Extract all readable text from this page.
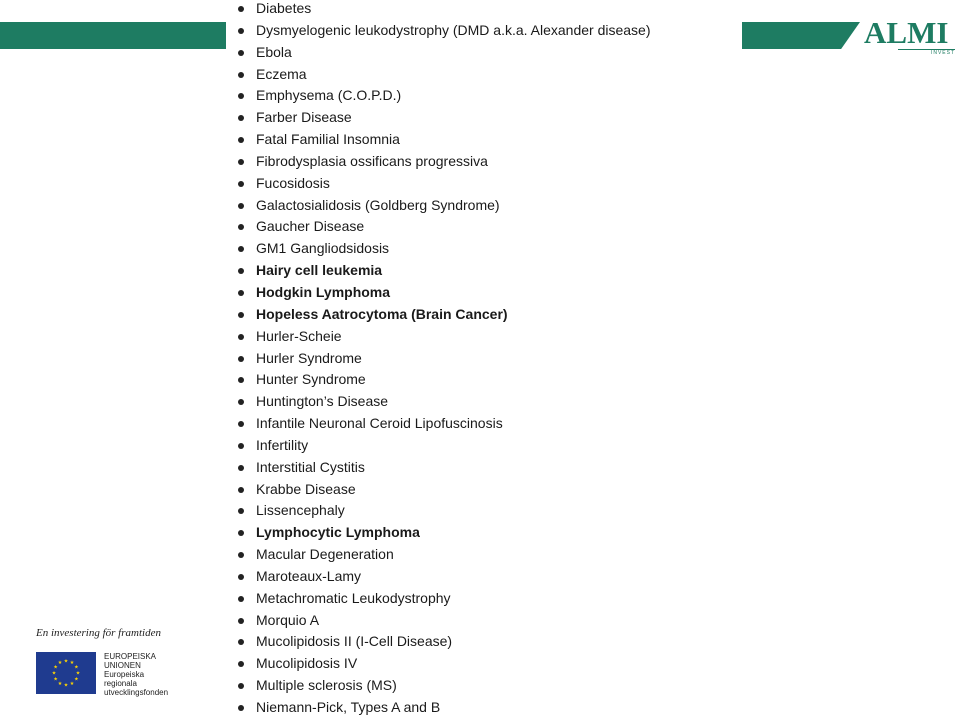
ALMI
INVEST
Diabetes
Dysmyelogenic leukodystrophy (DMD a.k.a. Alexander disease)
Ebola
Eczema
Emphysema (C.O.P.D.)
Farber Disease
Fatal Familial Insomnia
Fibrodysplasia ossificans progressiva
Fucosidosis
Galactosialidosis (Goldberg Syndrome)
Gaucher Disease
GM1 Gangliodsidosis
Hairy cell leukemia
Hodgkin Lymphoma
Hopeless Aatrocytoma (Brain Cancer)
Hurler-Scheie
Hurler Syndrome
Hunter Syndrome
Huntington’s Disease
Infantile Neuronal Ceroid Lipofuscinosis
Infertility
Interstitial Cystitis
Krabbe Disease
Lissencephaly
Lymphocytic Lymphoma
Macular Degeneration
Maroteaux-Lamy
Metachromatic Leukodystrophy
Morquio A
Mucolipidosis II (I-Cell Disease)
Mucolipidosis IV
Multiple sclerosis (MS)
Niemann-Pick, Types A and B
En investering för framtiden
★ ★
★
★
★
★
★
★
★
★
★
★
EUROPEISKA
UNIONEN
Europeiska
regionala
utvecklingsfonden
